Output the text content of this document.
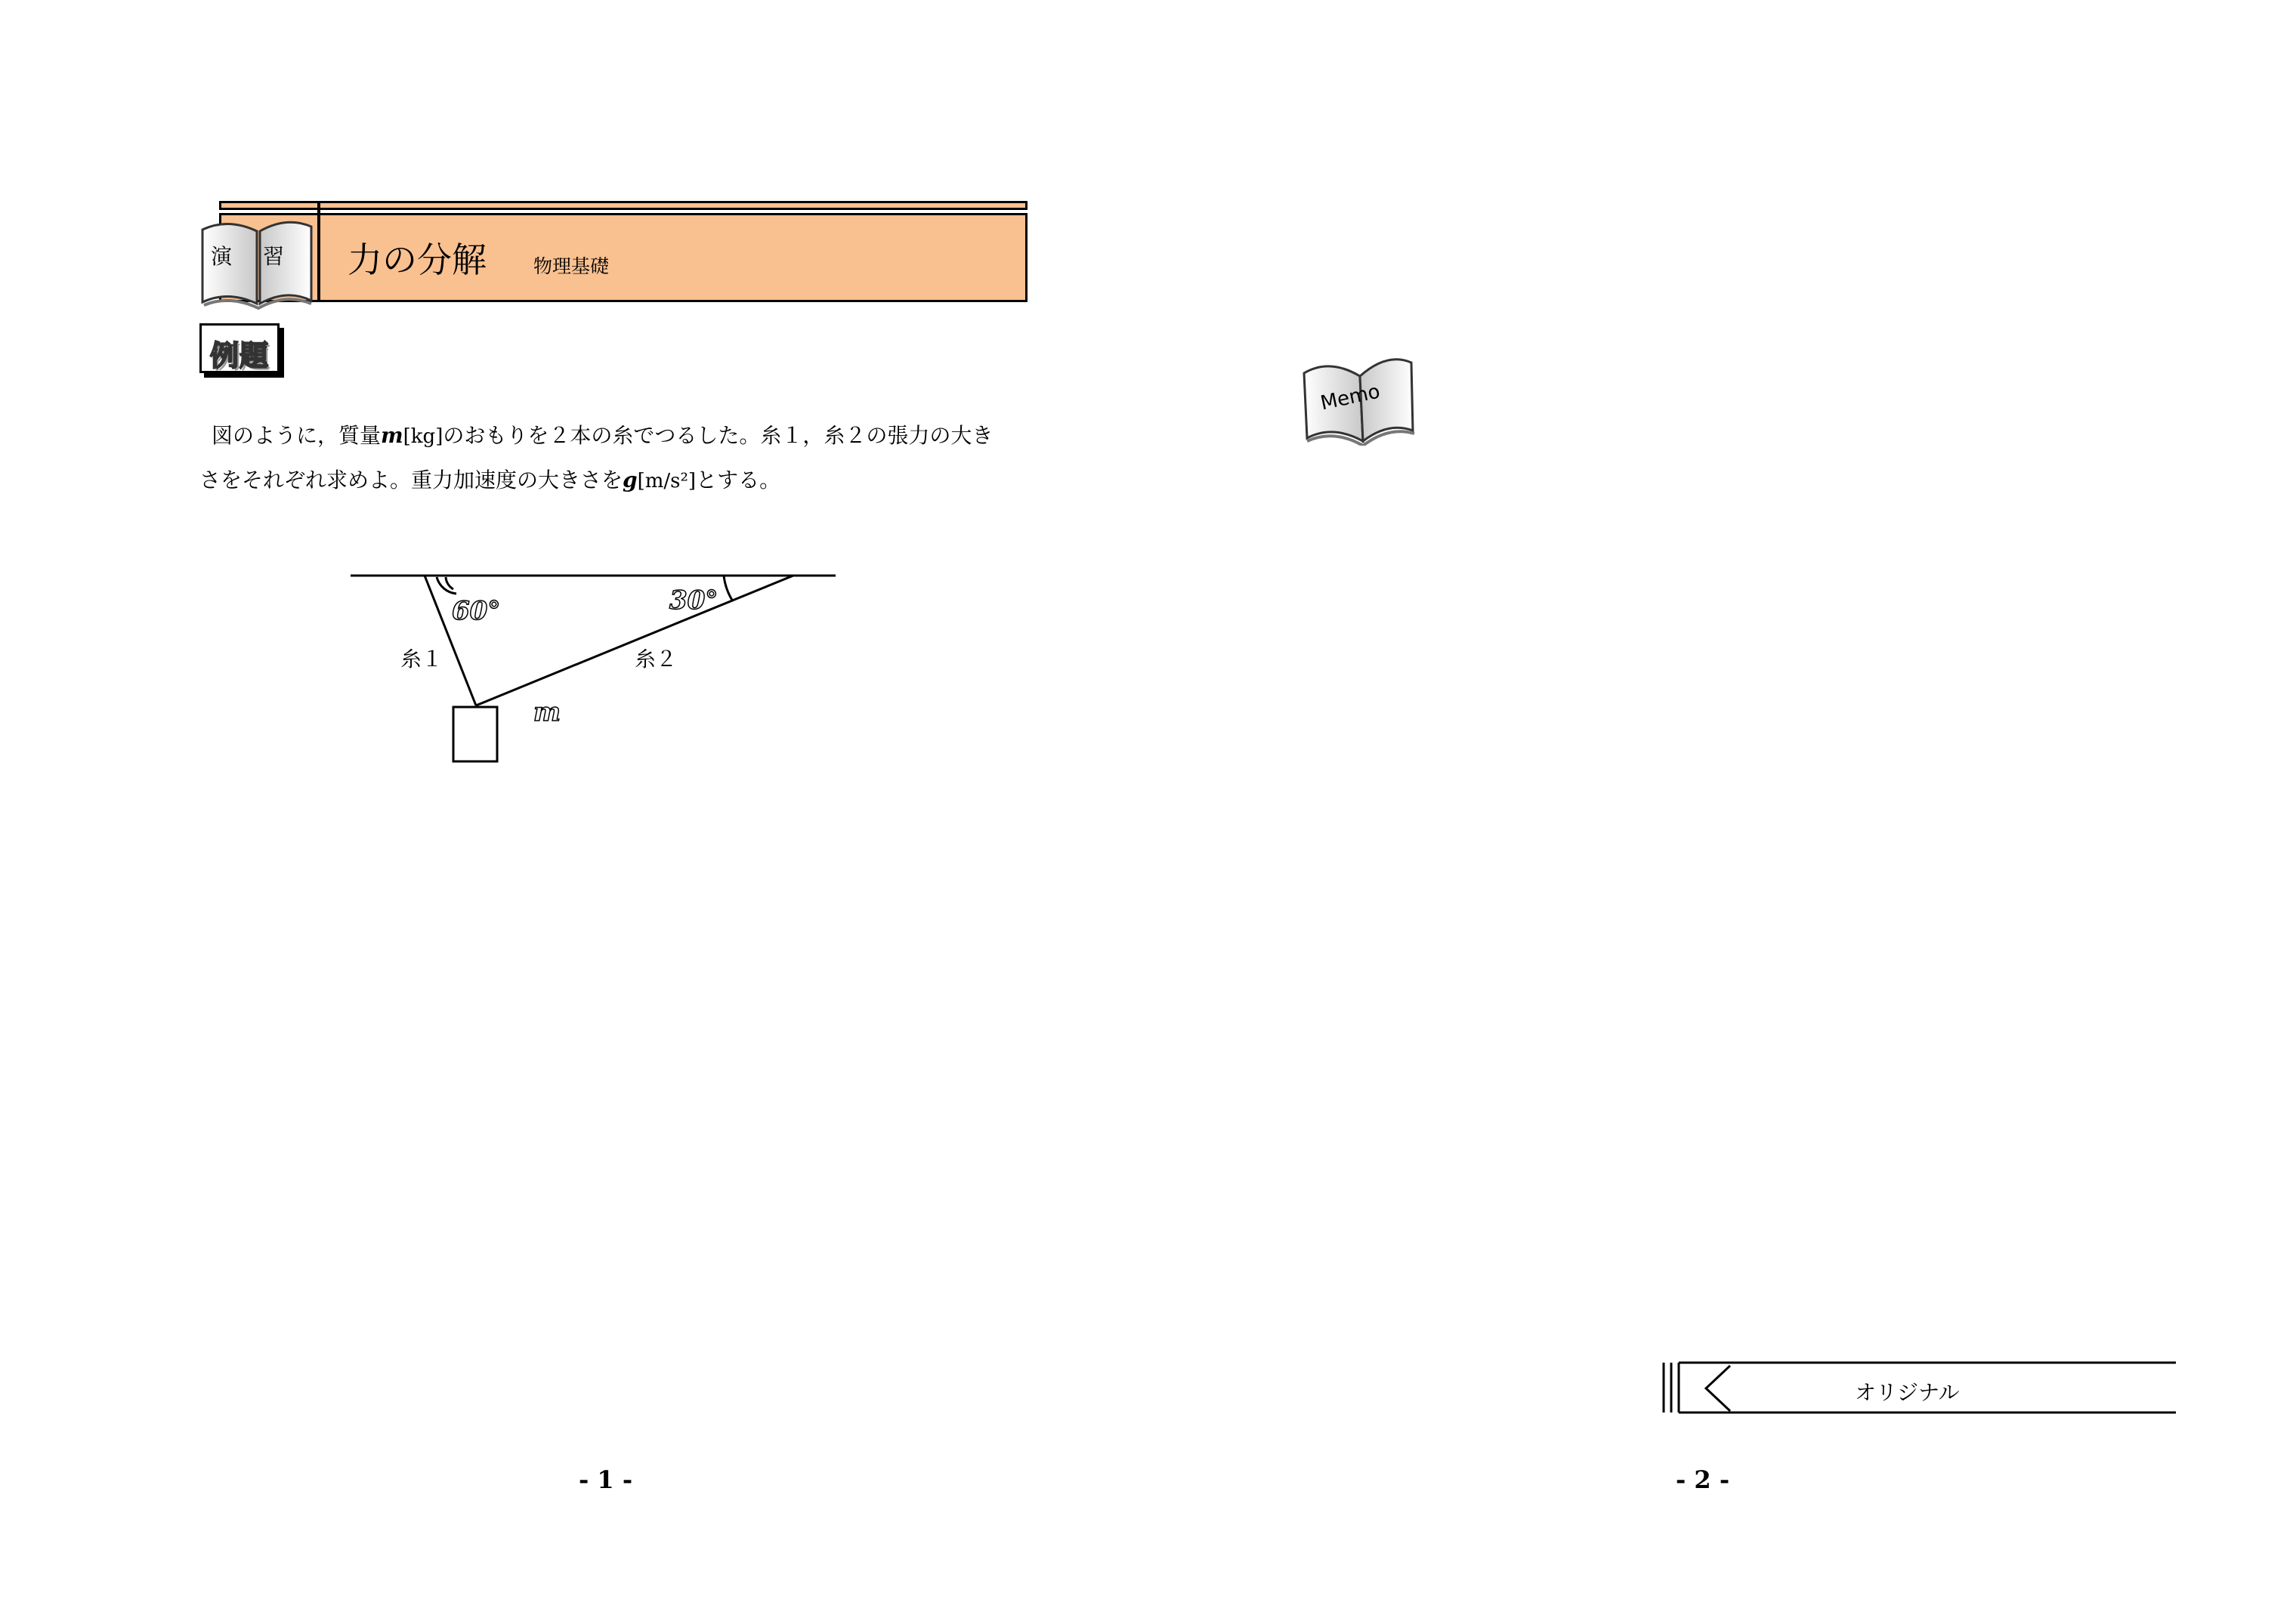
演 習 力の分解 物理基礎
例題
図のように，質量m[kg]のおもりを２本の糸でつるした。糸１，糸２の張力の大き
さをそれぞれ求めよ。重力加速度の大きさをg[m/s²]とする。
60°	30°
糸１	糸２
m
Memo
オリジナル
- 1 -	- 2 -
